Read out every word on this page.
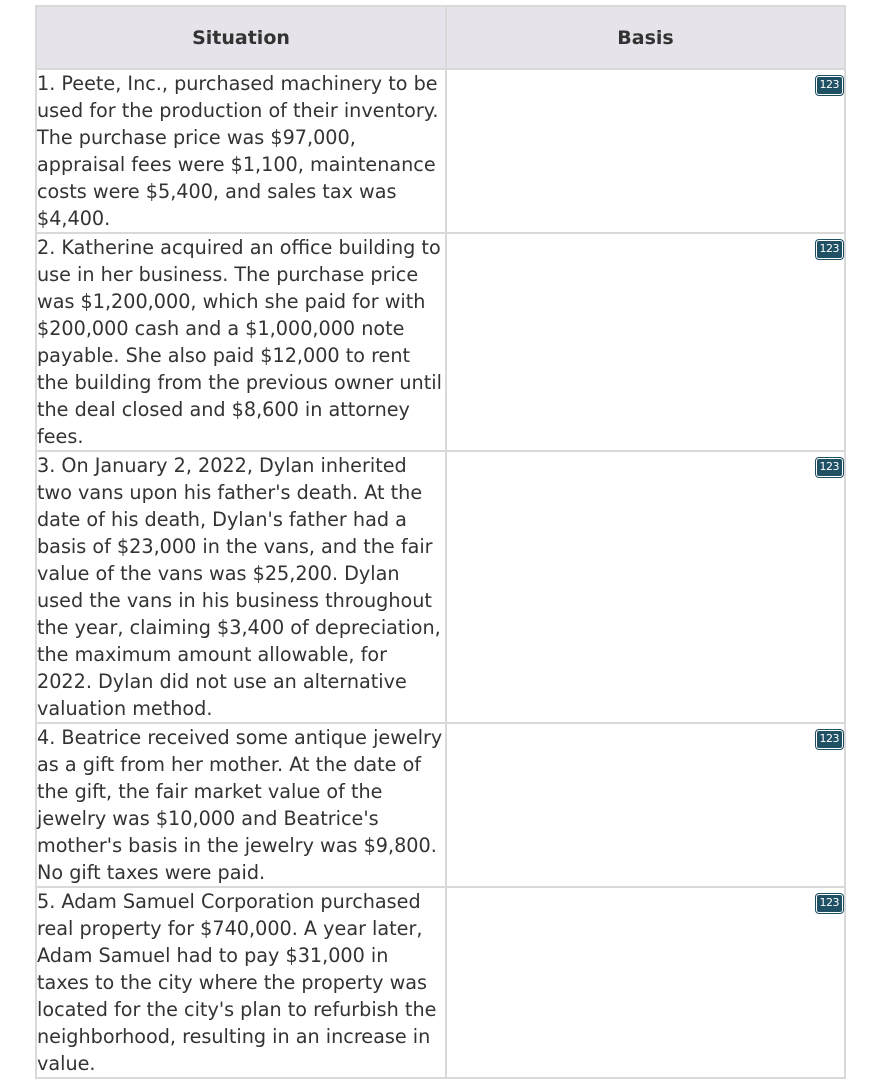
Situation	Basis
1. Peete, Inc., purchased machinery to be used for the production of their inventory. The purchase price was $97,000, appraisal fees were $1,100, maintenance costs were $5,400, and sales tax was $4,400.	123

2. Katherine acquired an office building to use in her business. The purchase price was $1,200,000, which she paid for with $200,000 cash and a $1,000,000 note payable. She also paid $12,000 to rent the building from the previous owner until the deal closed and $8,600 in attorney fees.	123

3. On January 2, 2022, Dylan inherited two vans upon his father's death. At the date of his death, Dylan's father had a basis of $23,000 in the vans, and the fair value of the vans was $25,200. Dylan used the vans in his business throughout the year, claiming $3,400 of depreciation, the maximum amount allowable, for 2022. Dylan did not use an alternative valuation method.	123

4. Beatrice received some antique jewelry as a gift from her mother. At the date of the gift, the fair market value of the jewelry was $10,000 and Beatrice's mother's basis in the jewelry was $9,800. No gift taxes were paid.	123

5. Adam Samuel Corporation purchased real property for $740,000. A year later, Adam Samuel had to pay $31,000 in taxes to the city where the property was located for the city's plan to refurbish the neighborhood, resulting in an increase in value.	123
